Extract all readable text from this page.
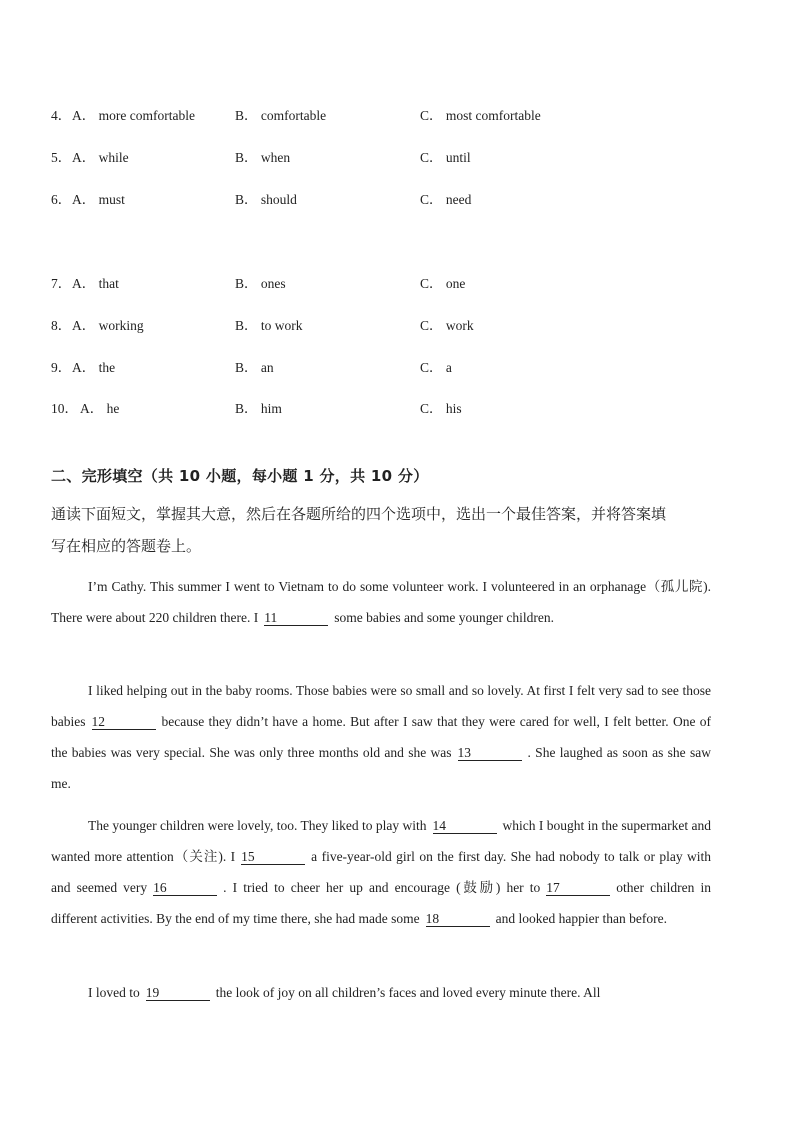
4． A． more comfortable	B． comfortable	C． most comfortable
5． A． while	B． when	C． until
6． A． must	B． should	C． need
7． A． that	B． ones	C． one
8． A． working	B． to work	C． work
9． A． the	B． an	C． a
10． A． he	B． him	C． his
二、完形填空（共 10 小题，每小题 1 分，共 10 分）
通读下面短文，掌握其大意，然后在各题所给的四个选项中，选出一个最佳答案，并将答案填
写在相应的答题卷上。
I’m Cathy. This summer I went to Vietnam to do some volunteer work. I volunteered in an orphanage（孤儿院). There were about 220 children there. I 11	some babies and some younger children.
I liked helping out in the baby rooms. Those babies were so small and so lovely. At first I felt very sad to see those babies 12	because they didn’t have a home. But after I saw that they were cared for well, I felt better. One of the babies was very special. She was only three months old and she was 13	. She laughed as soon as she saw me.
The younger children were lovely, too. They liked to play with 14	which I bought in the supermarket and wanted more attention（关注). I 15	a five-year-old girl on the first day. She had nobody to talk or play with and seemed very 16	. I tried to cheer her up and encourage (鼓励) her to 17	other children in different activities. By the end of my time there, she had made some 18	and looked happier than before.
I loved to 19	the look of joy on all children’s faces and loved every minute there. All
